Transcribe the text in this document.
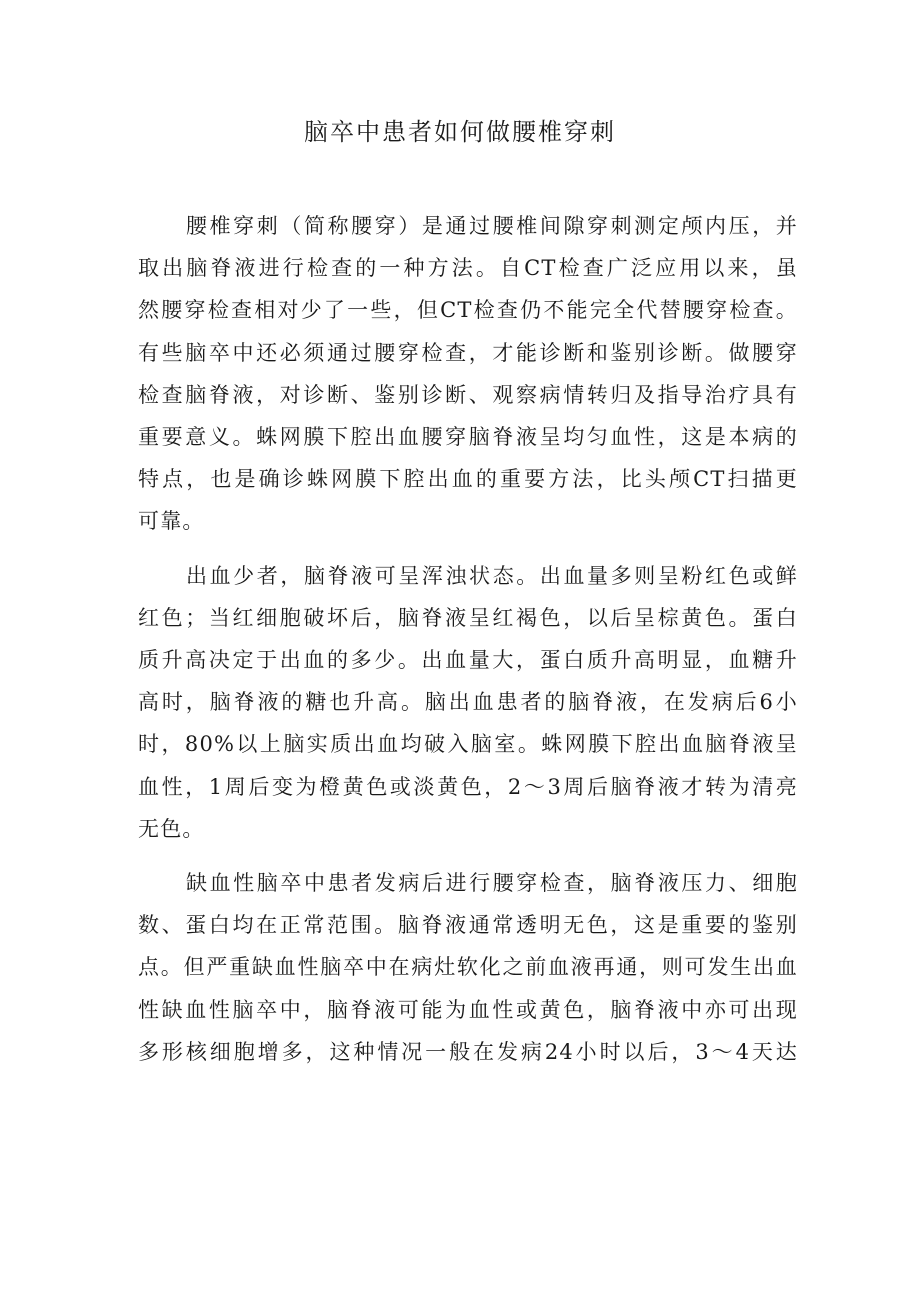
脑卒中患者如何做腰椎穿刺
腰椎穿刺（简称腰穿）是通过腰椎间隙穿刺测定颅内压，并
取出脑脊液进行检查的一种方法。自CT检查广泛应用以来，虽
然腰穿检查相对少了一些，但CT检查仍不能完全代替腰穿检查。
有些脑卒中还必须通过腰穿检查，才能诊断和鉴别诊断。做腰穿
检查脑脊液，对诊断、鉴别诊断、观察病情转归及指导治疗具有
重要意义。蛛网膜下腔出血腰穿脑脊液呈均匀血性，这是本病的
特点，也是确诊蛛网膜下腔出血的重要方法，比头颅CT扫描更
可靠。
出血少者，脑脊液可呈浑浊状态。出血量多则呈粉红色或鲜
红色；当红细胞破坏后，脑脊液呈红褐色，以后呈棕黄色。蛋白
质升高决定于出血的多少。出血量大，蛋白质升高明显，血糖升
高时，脑脊液的糖也升高。脑出血患者的脑脊液，在发病后6小
时，80%以上脑实质出血均破入脑室。蛛网膜下腔出血脑脊液呈
血性，1周后变为橙黄色或淡黄色，2～3周后脑脊液才转为清亮
无色。
缺血性脑卒中患者发病后进行腰穿检查，脑脊液压力、细胞
数、蛋白均在正常范围。脑脊液通常透明无色，这是重要的鉴别
点。但严重缺血性脑卒中在病灶软化之前血液再通，则可发生出血
性缺血性脑卒中，脑脊液可能为血性或黄色，脑脊液中亦可出现
多形核细胞增多，这种情况一般在发病24小时以后，3～4天达
